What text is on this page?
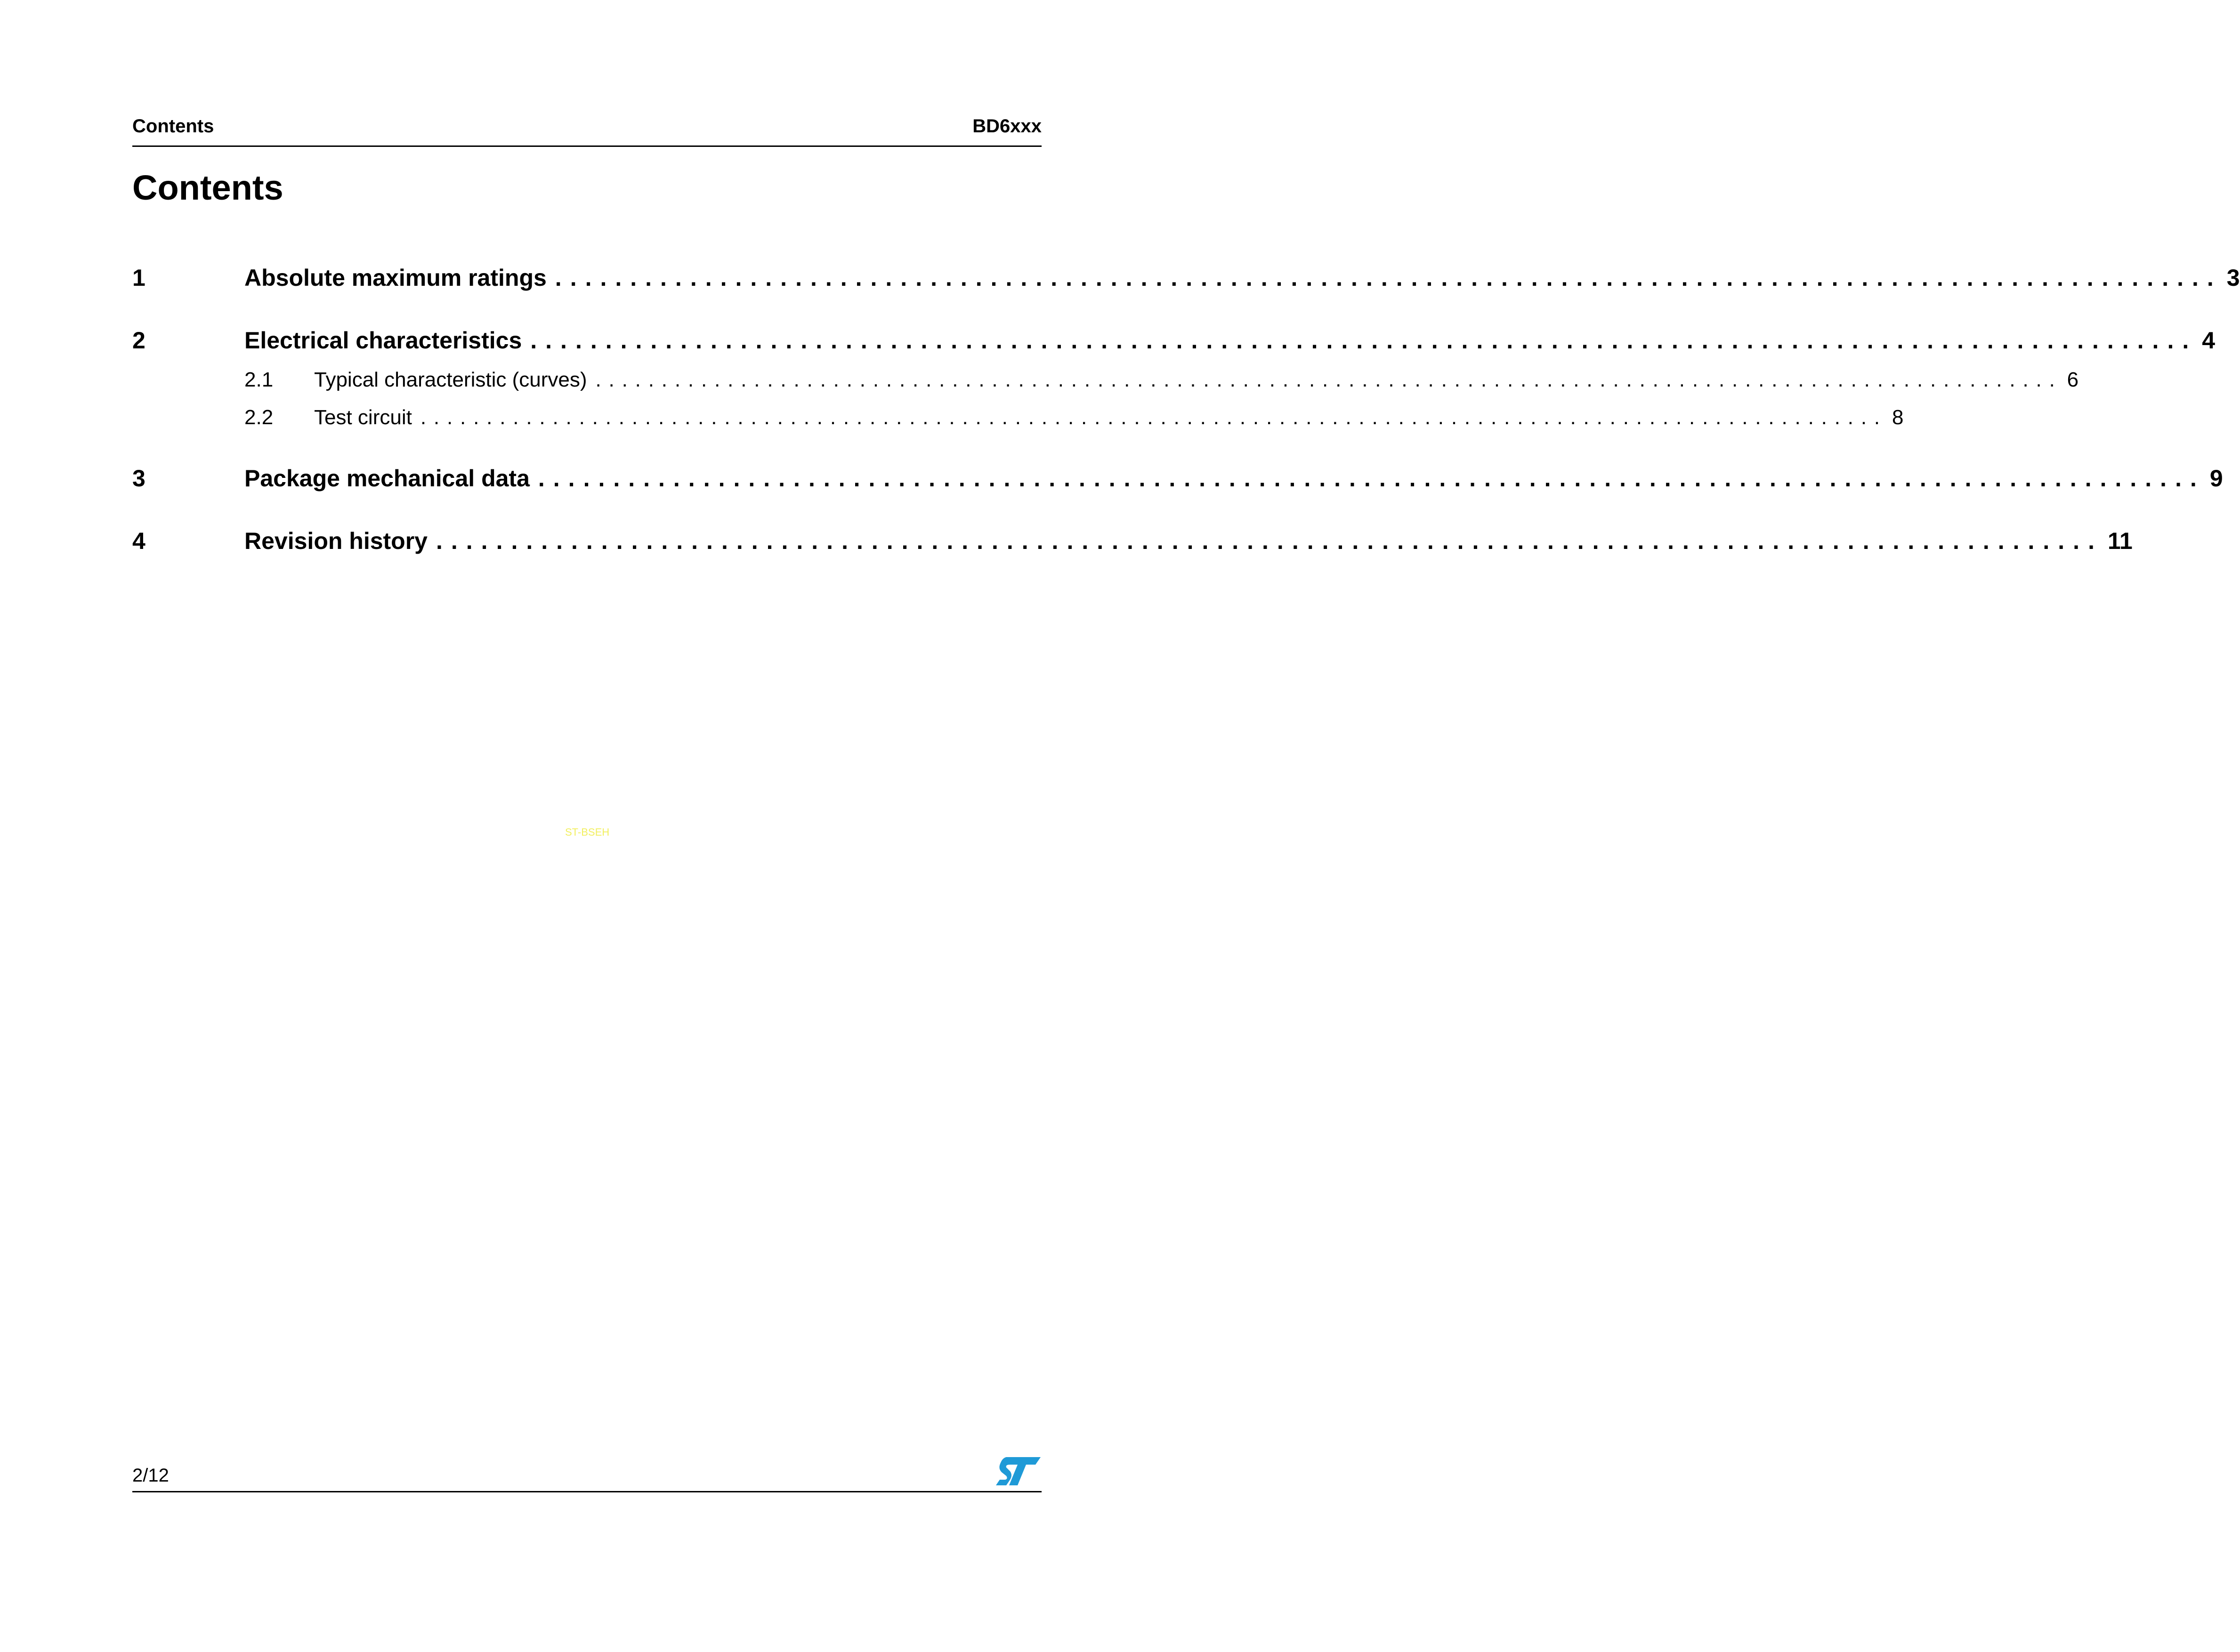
Contents	BD6xxx
Contents
1	Absolute maximum ratings ............................................................................................................... 3
2	Electrical characteristics ............................................................................................................... 4
2.1	Typical characteristic (curves) ............................................................................................................... 6
2.2	Test circuit ............................................................................................................... 8
3	Package mechanical data ............................................................................................................... 9
4	Revision history ............................................................................................................... 11
ST-BSEH
2/12
